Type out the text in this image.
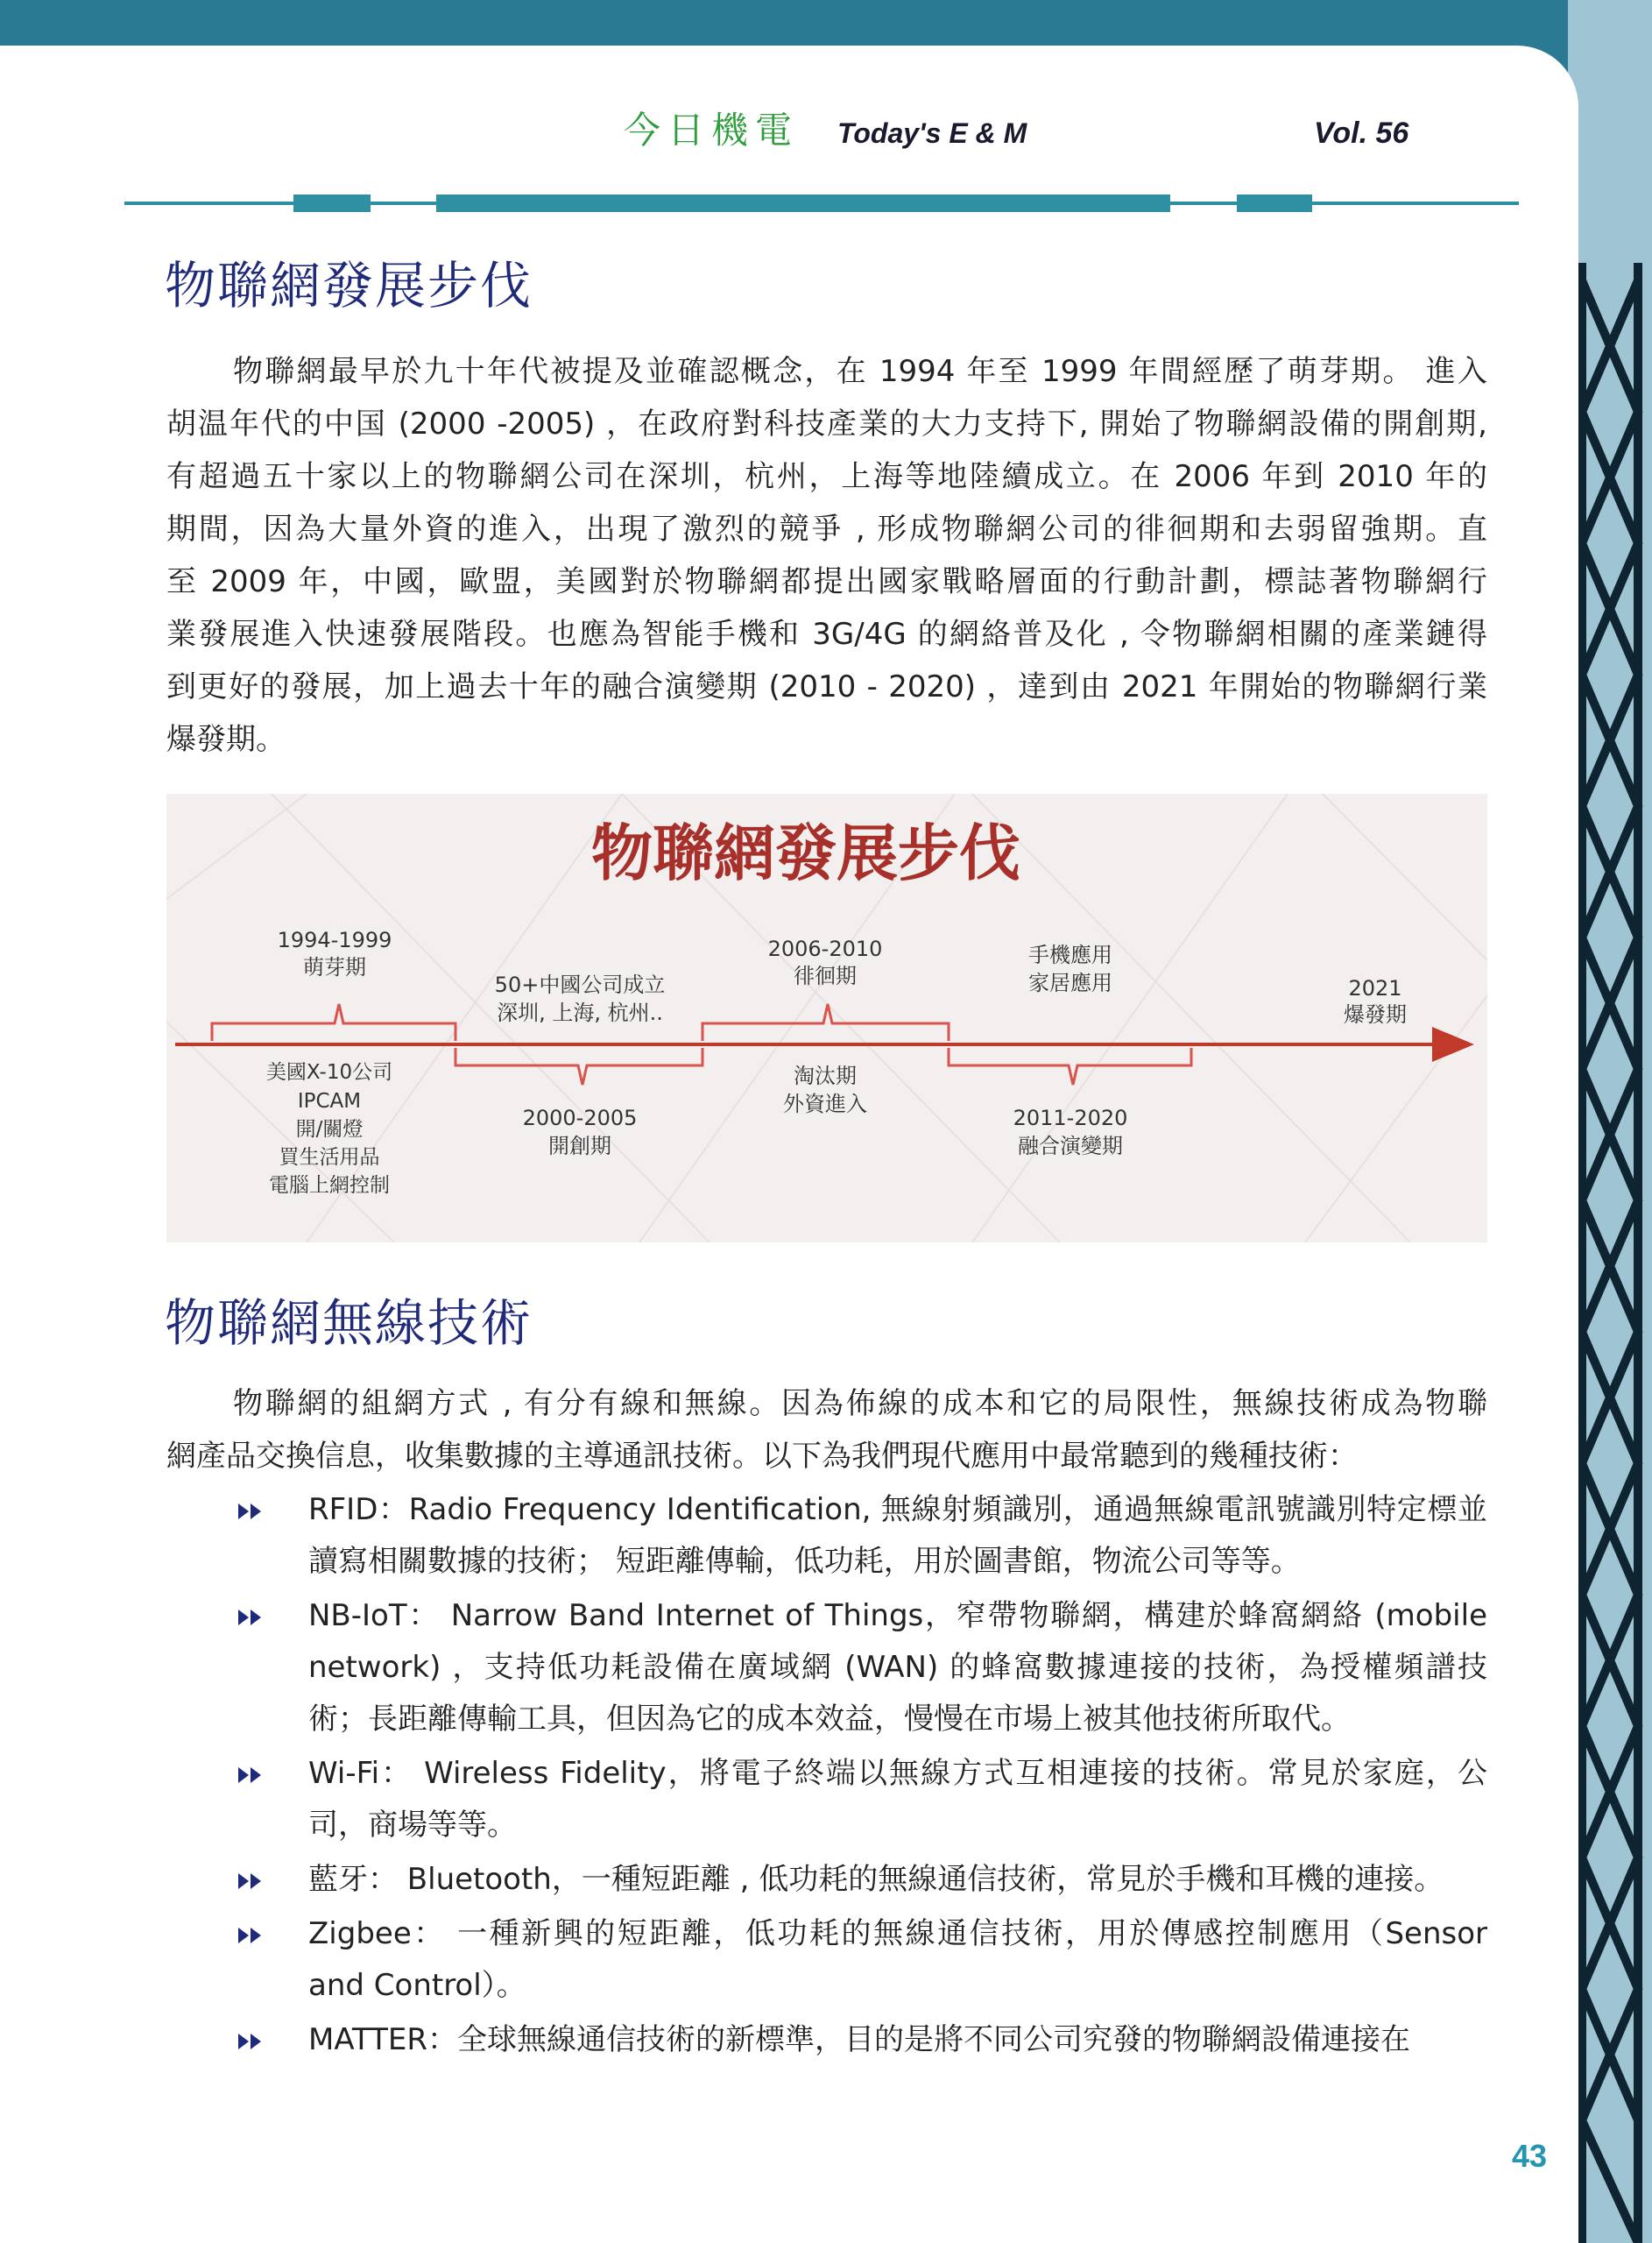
今日機電 Today's E & M	Vol. 56
物聯網發展步伐
物聯網最早於九十年代被提及並確認概念，在 1994 年至 1999 年間經歷了萌芽期。 進入
胡温年代的中国 (2000 -2005) ，在政府對科技產業的大力支持下, 開始了物聯網設備的開創期,
有超過五十家以上的物聯網公司在深圳，杭州，上海等地陸續成立。在 2006 年到 2010 年的
期間，因為大量外資的進入，出現了激烈的競爭 , 形成物聯網公司的徘徊期和去弱留強期。直
至 2009 年，中國，歐盟，美國對於物聯網都提出國家戰略層面的行動計劃，標誌著物聯網行
業發展進入快速發展階段。也應為智能手機和 3G/4G 的網絡普及化 , 令物聯網相關的產業鏈得
到更好的發展，加上過去十年的融合演變期 (2010 - 2020) ，達到由 2021 年開始的物聯網行業
爆發期。
物聯網發展步伐
1994-1999
萌芽期
50+中國公司成立
深圳, 上海, 杭州..
2006-2010
徘徊期
手機應用
家居應用	2021
爆發期
美國X-10公司
IPCAM
開/關燈
買生活用品
電腦上網控制
2000-2005
開創期
淘汰期
外資進入
2011-2020
融合演變期
物聯網無線技術
物聯網的組網方式 , 有分有線和無線。因為佈線的成本和它的局限性，無線技術成為物聯
網產品交換信息，收集數據的主導通訊技術。以下為我們現代應用中最常聽到的幾種技術：
RFID：Radio Frequency Identification, 無線射頻識別，通過無線電訊號識別特定標並
讀寫相關數據的技術； 短距離傳輸，低功耗，用於圖書館，物流公司等等。
NB-IoT： Narrow Band Internet of Things，窄帶物聯網，構建於蜂窩網絡 (mobile
network) ，支持低功耗設備在廣域網 (WAN) 的蜂窩數據連接的技術，為授權頻譜技
術；長距離傳輸工具，但因為它的成本效益，慢慢在市場上被其他技術所取代。
Wi-Fi： Wireless Fidelity，將電子終端以無線方式互相連接的技術。常見於家庭，公
司，商場等等。
藍牙： Bluetooth，一種短距離 , 低功耗的無線通信技術，常見於手機和耳機的連接。
Zigbee： 一種新興的短距離，低功耗的無線通信技術，用於傳感控制應用（Sensor
and Control）。
MATTER：全球無線通信技術的新標準，目的是將不同公司究發的物聯網設備連接在
43
